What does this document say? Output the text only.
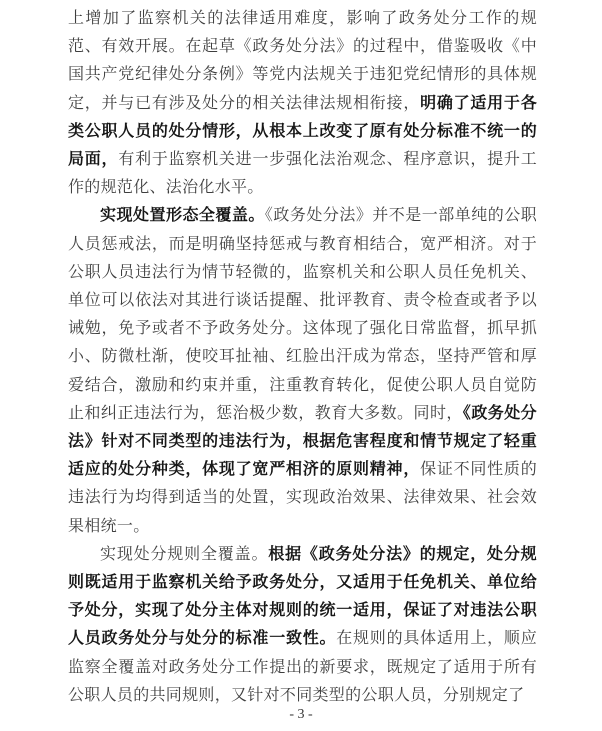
上增加了监察机关的法律适用难度，影响了政务处分工作的规范、有效开展。在起草《政务处分法》的过程中，借鉴吸收《中国共产党纪律处分条例》等党内法规关于违犯党纪情形的具体规定，并与已有涉及处分的相关法律法规相衔接，明确了适用于各类公职人员的处分情形，从根本上改变了原有处分标准不统一的局面，有利于监察机关进一步强化法治观念、程序意识，提升工作的规范化、法治化水平。

实现处置形态全覆盖。《政务处分法》并不是一部单纯的公职人员惩戒法，而是明确坚持惩戒与教育相结合，宽严相济。对于公职人员违法行为情节轻微的，监察机关和公职人员任免机关、单位可以依法对其进行谈话提醒、批评教育、责令检查或者予以诫勉，免予或者不予政务处分。这体现了强化日常监督，抓早抓小、防微杜渐，使咬耳扯袖、红脸出汗成为常态，坚持严管和厚爱结合，激励和约束并重，注重教育转化，促使公职人员自觉防止和纠正违法行为，惩治极少数，教育大多数。同时，《政务处分法》针对不同类型的违法行为，根据危害程度和情节规定了轻重适应的处分种类，体现了宽严相济的原则精神，保证不同性质的违法行为均得到适当的处置，实现政治效果、法律效果、社会效果相统一。

实现处分规则全覆盖。根据《政务处分法》的规定，处分规则既适用于监察机关给予政务处分，又适用于任免机关、单位给予处分，实现了处分主体对规则的统一适用，保证了对违法公职人员政务处分与处分的标准一致性。在规则的具体适用上，顺应监察全覆盖对政务处分工作提出的新要求，既规定了适用于所有公职人员的共同规则，又针对不同类型的公职人员，分别规定了

- 3 -
